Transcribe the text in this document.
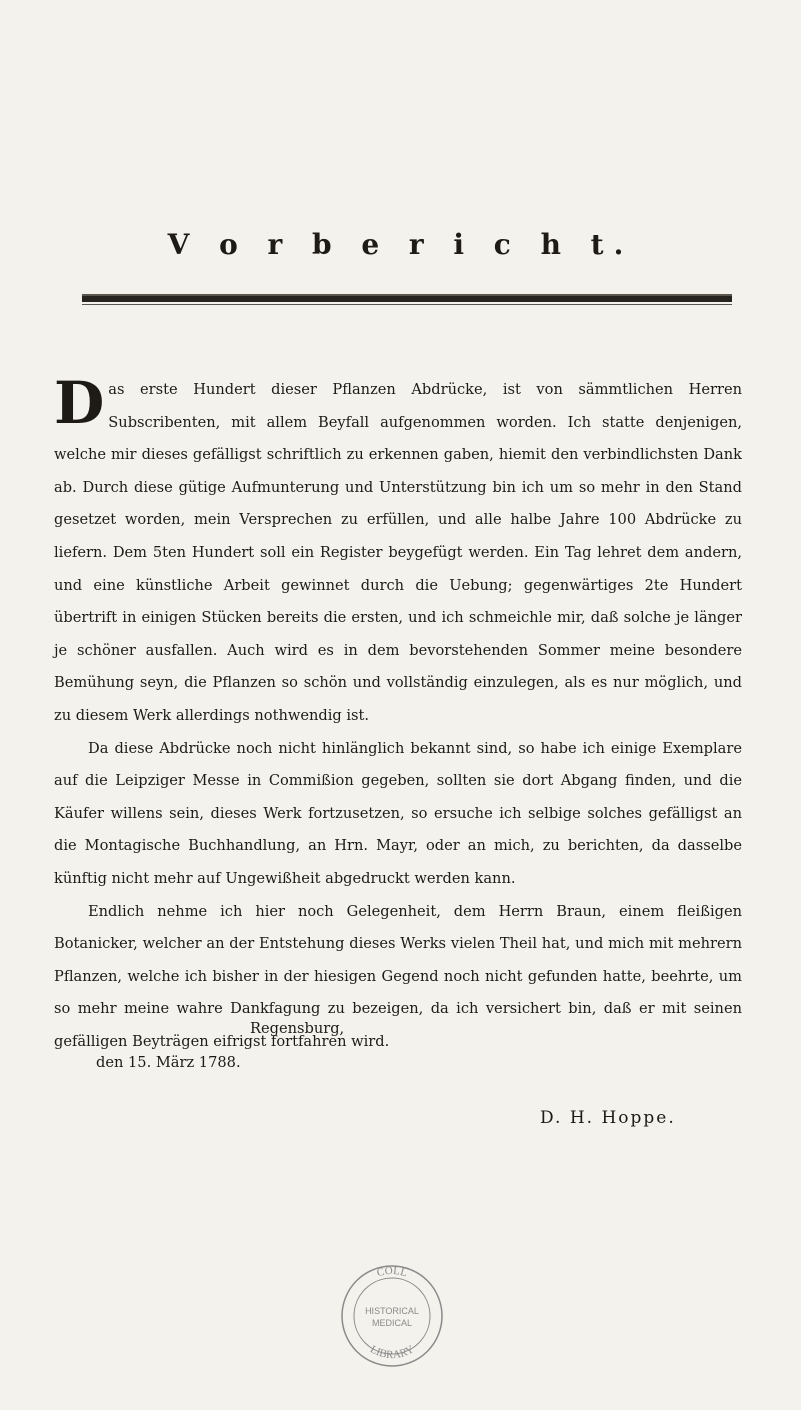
V o r b e r i c h t.

Das erste Hundert dieser Pflanzen Abdrücke, ist von sämmtlichen Herren Subscribenten, mit allem Beyfall aufgenommen worden. Ich statte denjenigen, welche mir dieses gefälligst schriftlich zu erkennen gaben, hiemit den verbindlichsten Dank ab. Durch diese gütige Aufmunterung und Unterstützung bin ich um so mehr in den Stand gesetzet worden, mein Versprechen zu erfüllen, und alle halbe Jahre 100 Abdrücke zu liefern. Dem 5ten Hundert soll ein Register beygefügt werden. Ein Tag lehret dem andern, und eine künstliche Arbeit gewinnet durch die Uebung; gegenwärtiges 2te Hundert übertrift in einigen Stücken bereits die ersten, und ich schmeichle mir, daß solche je länger je schöner ausfallen. Auch wird es in dem bevorstehenden Sommer meine besondere Bemühung seyn, die Pflanzen so schön und vollständig einzulegen, als es nur möglich, und zu diesem Werk allerdings nothwendig ist.

Da diese Abdrücke noch nicht hinlänglich bekannt sind, so habe ich einige Exemplare auf die Leipziger Messe in Commißion gegeben, sollten sie dort Abgang finden, und die Käufer willens sein, dieses Werk fortzusetzen, so ersuche ich selbige solches gefälligst an die Montagische Buchhandlung, an Hrn. Mayr, oder an mich, zu berichten, da dasselbe künftig nicht mehr auf Ungewißheit abgedruckt werden kann.

Endlich nehme ich hier noch Gelegenheit, dem Herrn Braun, einem fleißigen Botanicker, welcher an der Entstehung dieses Werks vielen Theil hat, und mich mit mehrern Pflanzen, welche ich bisher in der hiesigen Gegend noch nicht gefunden hatte, beehrte, um so mehr meine wahre Dankfagung zu bezeigen, da ich versichert bin, daß er mit seinen gefälligen Beyträgen eifrigst fortfahren wird.

Regensburg,
den 15. März 1788.
D. H. Hoppe.
COLL
HISTORICAL
MEDICAL
LIBRARY
